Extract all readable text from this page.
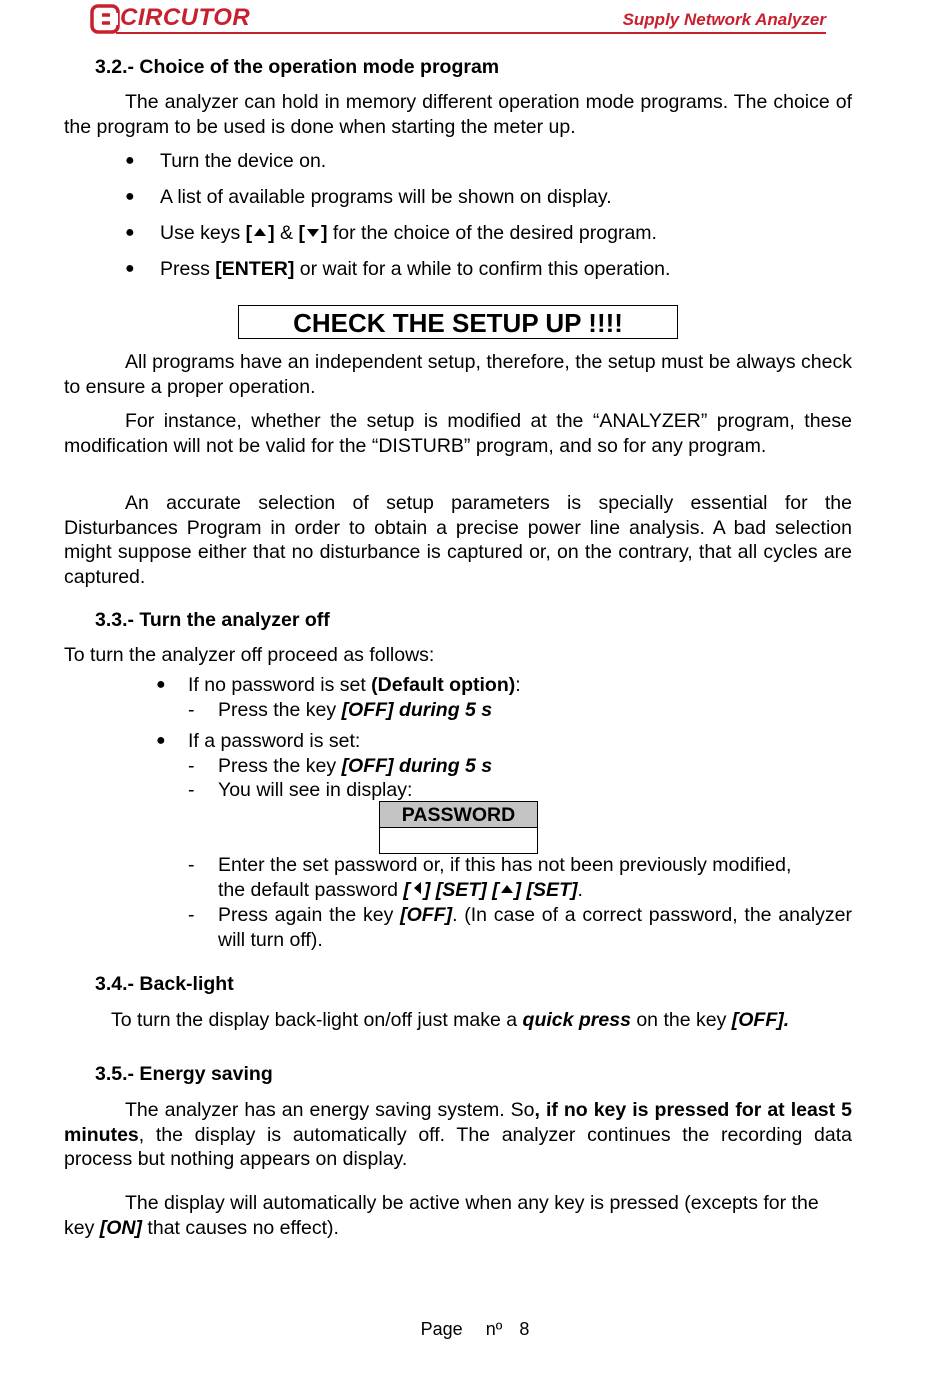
CIRCUTOR	Supply Network Analyzer
3.2.- Choice of the operation mode program
The analyzer can hold in memory different operation mode programs. The choice of the program to be used is done when starting the meter up.
● Turn the device on.
● A list of available programs will be shown on display.
● Use keys [ ] & [ ] for the choice of the desired program.
● Press [ENTER] or wait for a while to confirm this operation.
CHECK THE SETUP UP !!!!
All programs have an independent setup, therefore, the setup must be always check to ensure a proper operation.
For instance, whether the setup is modified at the “ANALYZER” program, these modification will not be valid for the “DISTURB” program, and so for any program.
An accurate selection of setup parameters is specially essential for the Disturbances Program in order to obtain a precise power line analysis. A bad selection might suppose either that no disturbance is captured or, on the contrary, that all cycles are captured.
3.3.- Turn the analyzer off
To turn the analyzer off proceed as follows:
● If no password is set (Default option):
- Press the key [OFF] during 5 s
● If a password is set:
- Press the key [OFF] during 5 s
- You will see in display:
PASSWORD
- Enter the set password or, if this has not been previously modified,
the default password [ ] [SET] [ ] [SET].
- Press again the key [OFF]. (In case of a correct password, the analyzer will turn off).
3.4.- Back-light
To turn the display back-light on/off just make a quick press on the key [OFF].
3.5.- Energy saving
The analyzer has an energy saving system. So, if no key is pressed for at least 5 minutes, the display is automatically off. The analyzer continues the recording data process but nothing appears on display.
The display will automatically be active when any key is pressed (excepts for the key [ON] that causes no effect).
Page nº 8
